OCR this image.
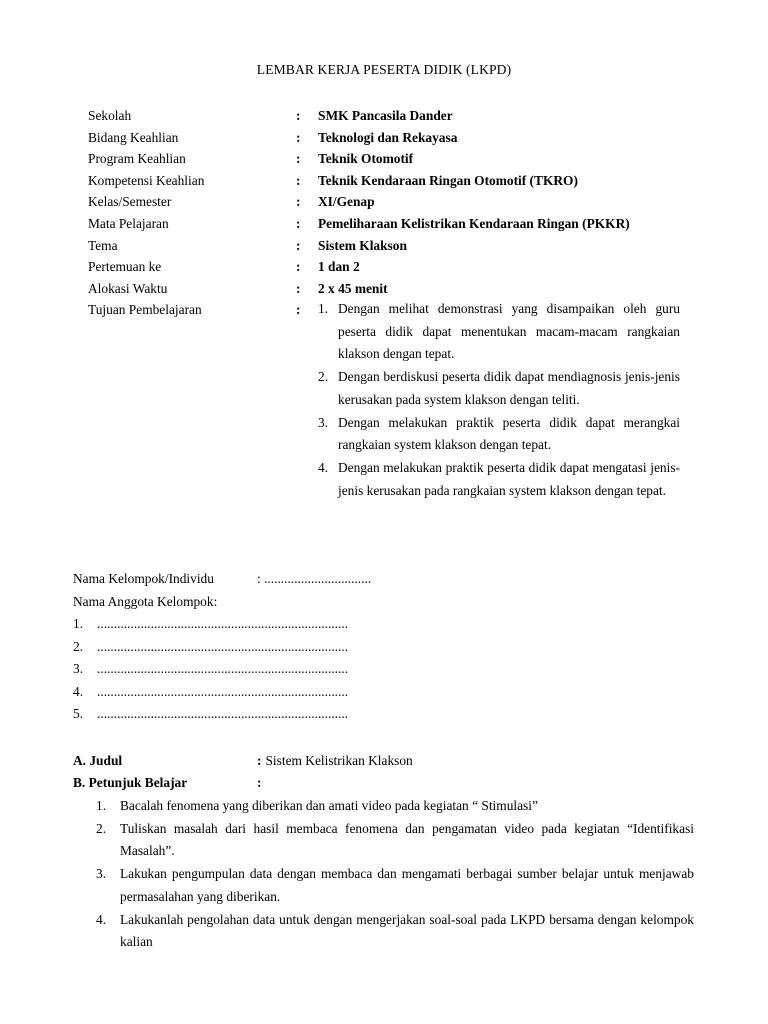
LEMBAR KERJA PESERTA DIDIK (LKPD)
Sekolah	:	SMK Pancasila Dander
Bidang Keahlian	:	Teknologi dan Rekayasa
Program Keahlian	:	Teknik Otomotif
Kompetensi Keahlian	:	Teknik Kendaraan Ringan Otomotif (TKRO)
Kelas/Semester	:	XI/Genap
Mata Pelajaran	:	Pemeliharaan Kelistrikan Kendaraan Ringan (PKKR)
Tema	:	Sistem Klakson
Pertemuan ke	:	1 dan 2
Alokasi Waktu	:	2 x 45 menit
Tujuan Pembelajaran	:	1. Dengan melihat demonstrasi yang disampaikan oleh guru peserta didik dapat menentukan macam-macam rangkaian klakson dengan tepat.
2. Dengan berdiskusi peserta didik dapat mendiagnosis jenis-jenis kerusakan pada system klakson dengan teliti.
3. Dengan melakukan praktik peserta didik dapat merangkai rangkaian system klakson dengan tepat.
4. Dengan melakukan praktik peserta didik dapat mengatasi jenis-jenis kerusakan pada rangkaian system klakson dengan tepat.
Nama Kelompok/Individu	: ................................
Nama Anggota Kelompok:
1.	...........................................................................
2.	...........................................................................
3.	...........................................................................
4.	...........................................................................
5.	...........................................................................
A. Judul	: Sistem Kelistrikan Klakson
B. Petunjuk Belajar	:
1.	Bacalah fenomena yang diberikan dan amati video pada kegiatan “ Stimulasi”
2.	Tuliskan masalah dari hasil membaca fenomena dan pengamatan video pada kegiatan “Identifikasi Masalah”.
3.	Lakukan pengumpulan data dengan membaca dan mengamati berbagai sumber belajar untuk menjawab permasalahan yang diberikan.
4.	Lakukanlah pengolahan data untuk dengan mengerjakan soal-soal pada LKPD bersama dengan kelompok kalian
